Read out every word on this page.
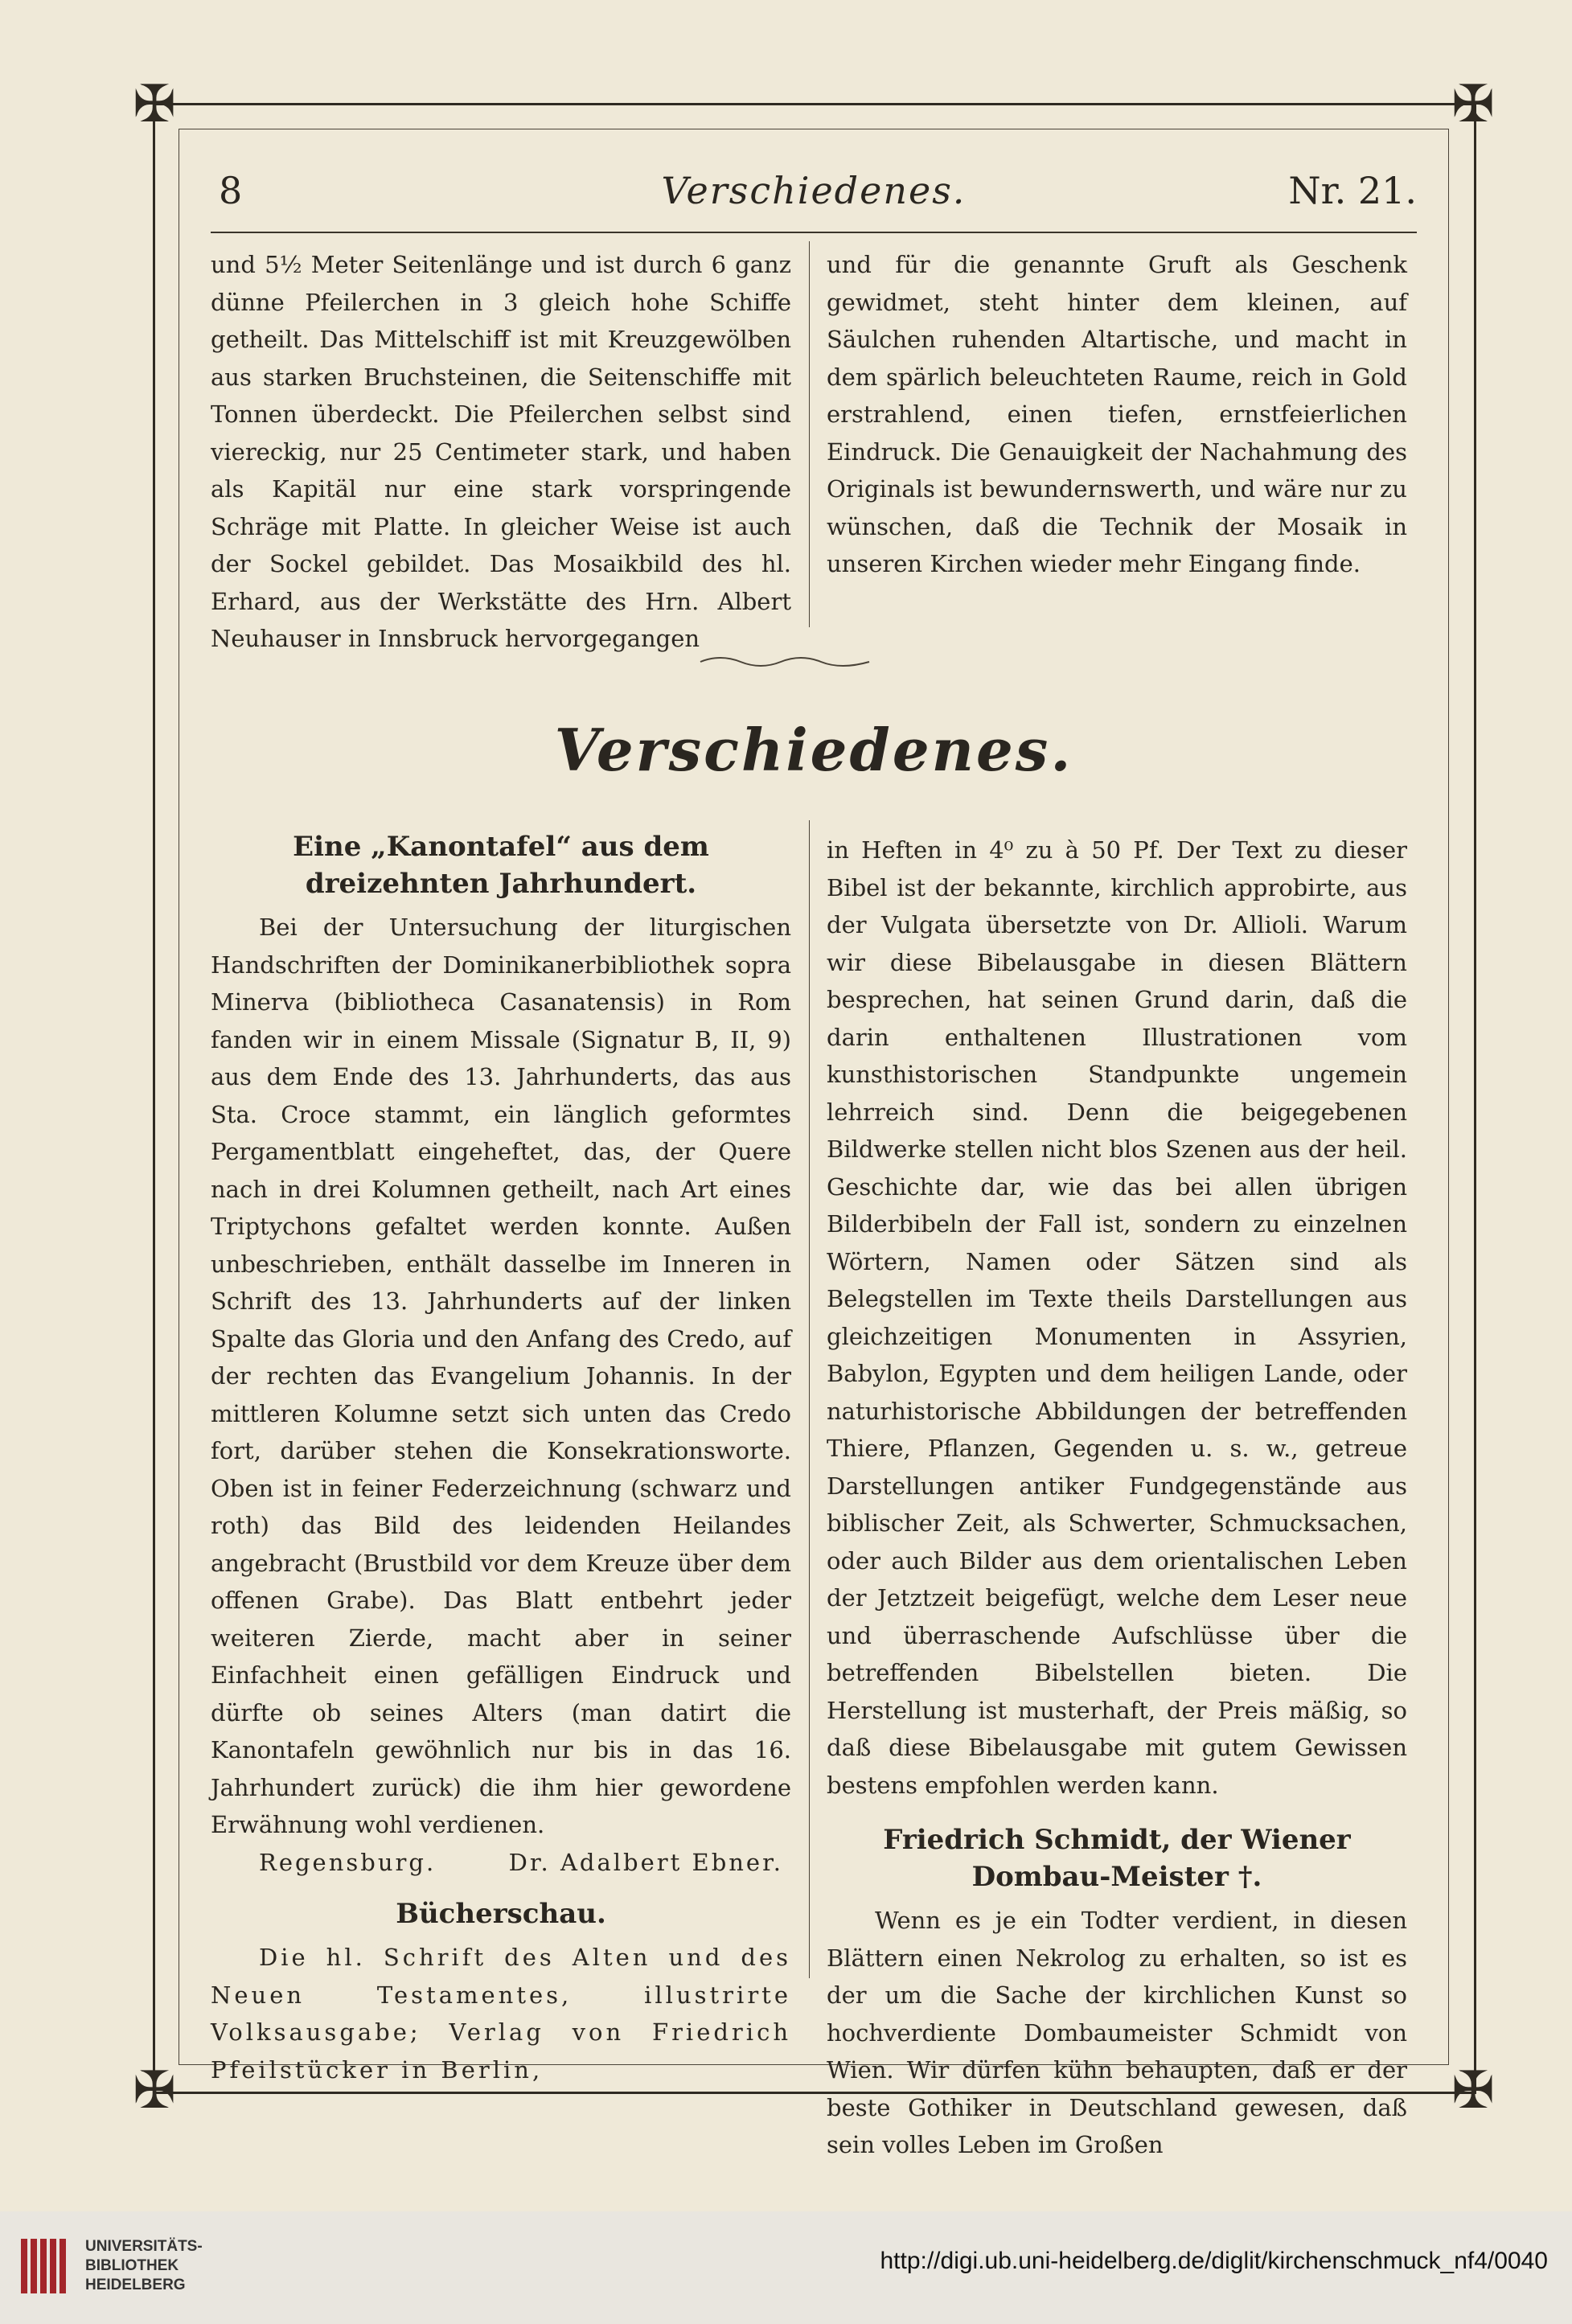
✠	✠
✠	✠
8	Verschiedenes.	Nr. 21.

und 5½ Meter Seitenlänge und ist durch 6 ganz dünne Pfeilerchen in 3 gleich hohe Schiffe getheilt. Das Mittelschiff ist mit Kreuzgewölben aus starken Bruchsteinen, die Seitenschiffe mit Tonnen überdeckt. Die Pfeilerchen selbst sind viereckig, nur 25 Centimeter stark, und haben als Kapitäl nur eine stark vorspringende Schräge mit Platte. In gleicher Weise ist auch der Sockel gebildet. Das Mosaikbild des hl. Erhard, aus der Werkstätte des Hrn. Albert Neuhauser in Innsbruck hervorgegangen

und für die genannte Gruft als Geschenk gewidmet, steht hinter dem kleinen, auf Säulchen ruhenden Altartische, und macht in dem spärlich beleuchteten Raume, reich in Gold erstrahlend, einen tiefen, ernstfeierlichen Eindruck. Die Genauigkeit der Nachahmung des Originals ist bewundernswerth, und wäre nur zu wünschen, daß die Technik der Mosaik in unseren Kirchen wieder mehr Eingang finde.

Verschiedenes.
Eine „Kanontafel“ aus dem dreizehnten Jahrhundert.

Bei der Untersuchung der liturgischen Handschriften der Dominikanerbibliothek sopra Minerva (bibliotheca Casanatensis) in Rom fanden wir in einem Missale (Signatur B, II, 9) aus dem Ende des 13. Jahrhunderts, das aus Sta. Croce stammt, ein länglich geformtes Pergamentblatt eingeheftet, das, der Quere nach in drei Kolumnen getheilt, nach Art eines Triptychons gefaltet werden konnte. Außen unbeschrieben, enthält dasselbe im Inneren in Schrift des 13. Jahrhunderts auf der linken Spalte das Gloria und den Anfang des Credo, auf der rechten das Evangelium Johannis. In der mittleren Kolumne setzt sich unten das Credo fort, darüber stehen die Konsekrationsworte. Oben ist in feiner Federzeichnung (schwarz und roth) das Bild des leidenden Heilandes angebracht (Brustbild vor dem Kreuze über dem offenen Grabe). Das Blatt entbehrt jeder weiteren Zierde, macht aber in seiner Einfachheit einen gefälligen Eindruck und dürfte ob seines Alters (man datirt die Kanontafeln gewöhnlich nur bis in das 16. Jahrhundert zurück) die ihm hier gewordene Erwähnung wohl verdienen.

Regensburg.	Dr. Adalbert Ebner.
Bücherschau.

Die hl. Schrift des Alten und des Neuen Testamentes, illustrirte Volksausgabe; Verlag von Friedrich Pfeilstücker in Berlin,

in Heften in 4⁰ zu à 50 Pf. Der Text zu dieser Bibel ist der bekannte, kirchlich approbirte, aus der Vulgata übersetzte von Dr. Allioli. Warum wir diese Bibelausgabe in diesen Blättern besprechen, hat seinen Grund darin, daß die darin enthaltenen Illustrationen vom kunsthistorischen Standpunkte ungemein lehrreich sind. Denn die beigegebenen Bildwerke stellen nicht blos Szenen aus der heil. Geschichte dar, wie das bei allen übrigen Bilderbibeln der Fall ist, sondern zu einzelnen Wörtern, Namen oder Sätzen sind als Belegstellen im Texte theils Darstellungen aus gleichzeitigen Monumenten in Assyrien, Babylon, Egypten und dem heiligen Lande, oder naturhistorische Abbildungen der betreffenden Thiere, Pflanzen, Gegenden u. s. w., getreue Darstellungen antiker Fundgegenstände aus biblischer Zeit, als Schwerter, Schmucksachen, oder auch Bilder aus dem orientalischen Leben der Jetztzeit beigefügt, welche dem Leser neue und überraschende Aufschlüsse über die betreffenden Bibelstellen bieten. Die Herstellung ist musterhaft, der Preis mäßig, so daß diese Bibelausgabe mit gutem Gewissen bestens empfohlen werden kann.

Friedrich Schmidt, der Wiener Dombau-Meister †.

Wenn es je ein Todter verdient, in diesen Blättern einen Nekrolog zu erhalten, so ist es der um die Sache der kirchlichen Kunst so hochverdiente Dombaumeister Schmidt von Wien. Wir dürfen kühn behaupten, daß er der beste Gothiker in Deutschland gewesen, daß sein volles Leben im Großen

UNIVERSITÄTS-
BIBLIOTHEK
HEIDELBERG
http://digi.ub.uni-heidelberg.de/diglit/kirchenschmuck_nf4/0040
